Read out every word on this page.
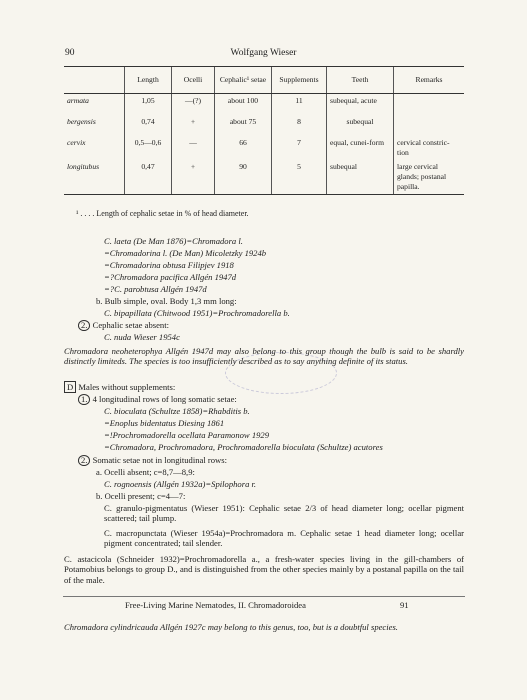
Wolfgang Wieser
90
	Length	Ocelli	Cephalic¹ setae	Supplements	Teeth	Remarks
armata	1,05	—(?)	about 100	11	subequal, acute	
bergensis	0,74	+	about 75	8	subequal	
cervix	0,5—0,6	—	66	7	equal, cunei-form	cervical constric-tion
longitubus	0,47	+	90	5	subequal	large cervical glands; postanal papilla.
¹ . . . . Length of cephalic setae in % of head diameter.
C. laeta (De Man 1876)=Chromadora l.
=Chromadorina l. (De Man) Micoletzky 1924b
=Chromadorina obtusa Filipjev 1918
=?Chromadora pacifica Allgén 1947d
=?C. parobtusa Allgén 1947d
b. Bulb simple, oval. Body 1,3 mm long:
C. bipapillata (Chitwood 1951)=Prochromadorella b.
2. Cephalic setae absent:
C. nuda Wieser 1954c
Chromadora neoheterophya Allgén 1947d may also belong to this group though the bulb is said to be shardly distinctly limiteds. The species is too insufficiently described as to say anything definite of its status.
D Males without supplements:
1. 4 longitudinal rows of long somatic setae:
C. bioculata (Schultze 1858)=Rhabditis b.
=Enoplus bidentatus Diesing 1861
=!Prochromadorella ocellata Paramonow 1929
=Chromadora, Prochromadora, Prochromadorella bioculata (Schultze) acutores
2. Somatic setae not in longitudinal rows:
a. Ocelli absent; c=8,7—8,9:
C. rognoensis (Allgén 1932a)=Spilophora r.
b. Ocelli present; c=4—7:
C. granulo-pigmentatus (Wieser 1951): Cephalic setae 2/3 of head diameter long; ocellar pigment scattered; tail plump.
C. macropunctata (Wieser 1954a)=Prochromadora m. Cephalic setae 1 head diameter long; ocellar pigment concentrated; tail slender.
C. astacicola (Schneider 1932)=Prochromadorella a., a fresh-water species living in the gill-chambers of Potamobius belongs to group D., and is distinguished from the other species mainly by a postanal papilla on the tail of the male.
Free-Living Marine Nematodes, II. Chromadoroidea	91
Chromadora cylindricauda Allgén 1927c may belong to this genus, too, but is a doubtful species.
